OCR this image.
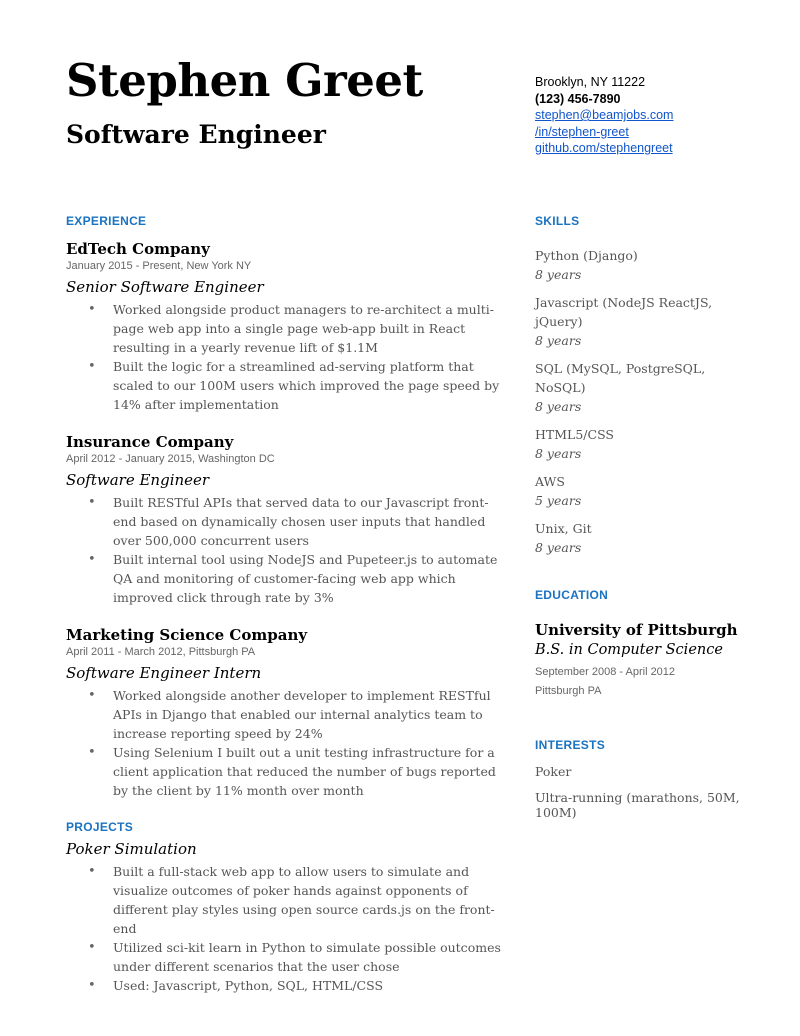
Stephen Greet
Software Engineer
Brooklyn, NY 11222
(123) 456-7890
stephen@beamjobs.com
/in/stephen-greet
github.com/stephengreet
EXPERIENCE
EdTech Company
January 2015 - Present, New York NY
Senior Software Engineer
• Worked alongside product managers to re-architect a multi-page web app into a single page web-app built in React resulting in a yearly revenue lift of $1.1M
• Built the logic for a streamlined ad-serving platform that scaled to our 100M users which improved the page speed by 14% after implementation
Insurance Company
April 2012 - January 2015, Washington DC
Software Engineer
• Built RESTful APIs that served data to our Javascript front-end based on dynamically chosen user inputs that handled over 500,000 concurrent users
• Built internal tool using NodeJS and Pupeteer.js to automate QA and monitoring of customer-facing web app which improved click through rate by 3%
Marketing Science Company
April 2011 - March 2012, Pittsburgh PA
Software Engineer Intern
• Worked alongside another developer to implement RESTful APIs in Django that enabled our internal analytics team to increase reporting speed by 24%
• Using Selenium I built out a unit testing infrastructure for a client application that reduced the number of bugs reported by the client by 11% month over month
PROJECTS
Poker Simulation
• Built a full-stack web app to allow users to simulate and visualize outcomes of poker hands against opponents of different play styles using open source cards.js on the front-end
• Utilized sci-kit learn in Python to simulate possible outcomes under different scenarios that the user chose
• Used: Javascript, Python, SQL, HTML/CSS
SKILLS
Python (Django)
8 years
Javascript (NodeJS ReactJS, jQuery)
8 years
SQL (MySQL, PostgreSQL, NoSQL)
8 years
HTML5/CSS
8 years
AWS
5 years
Unix, Git
8 years
EDUCATION
University of Pittsburgh
B.S. in Computer Science
September 2008 - April 2012
Pittsburgh PA
INTERESTS
Poker
Ultra-running (marathons, 50M, 100M)
